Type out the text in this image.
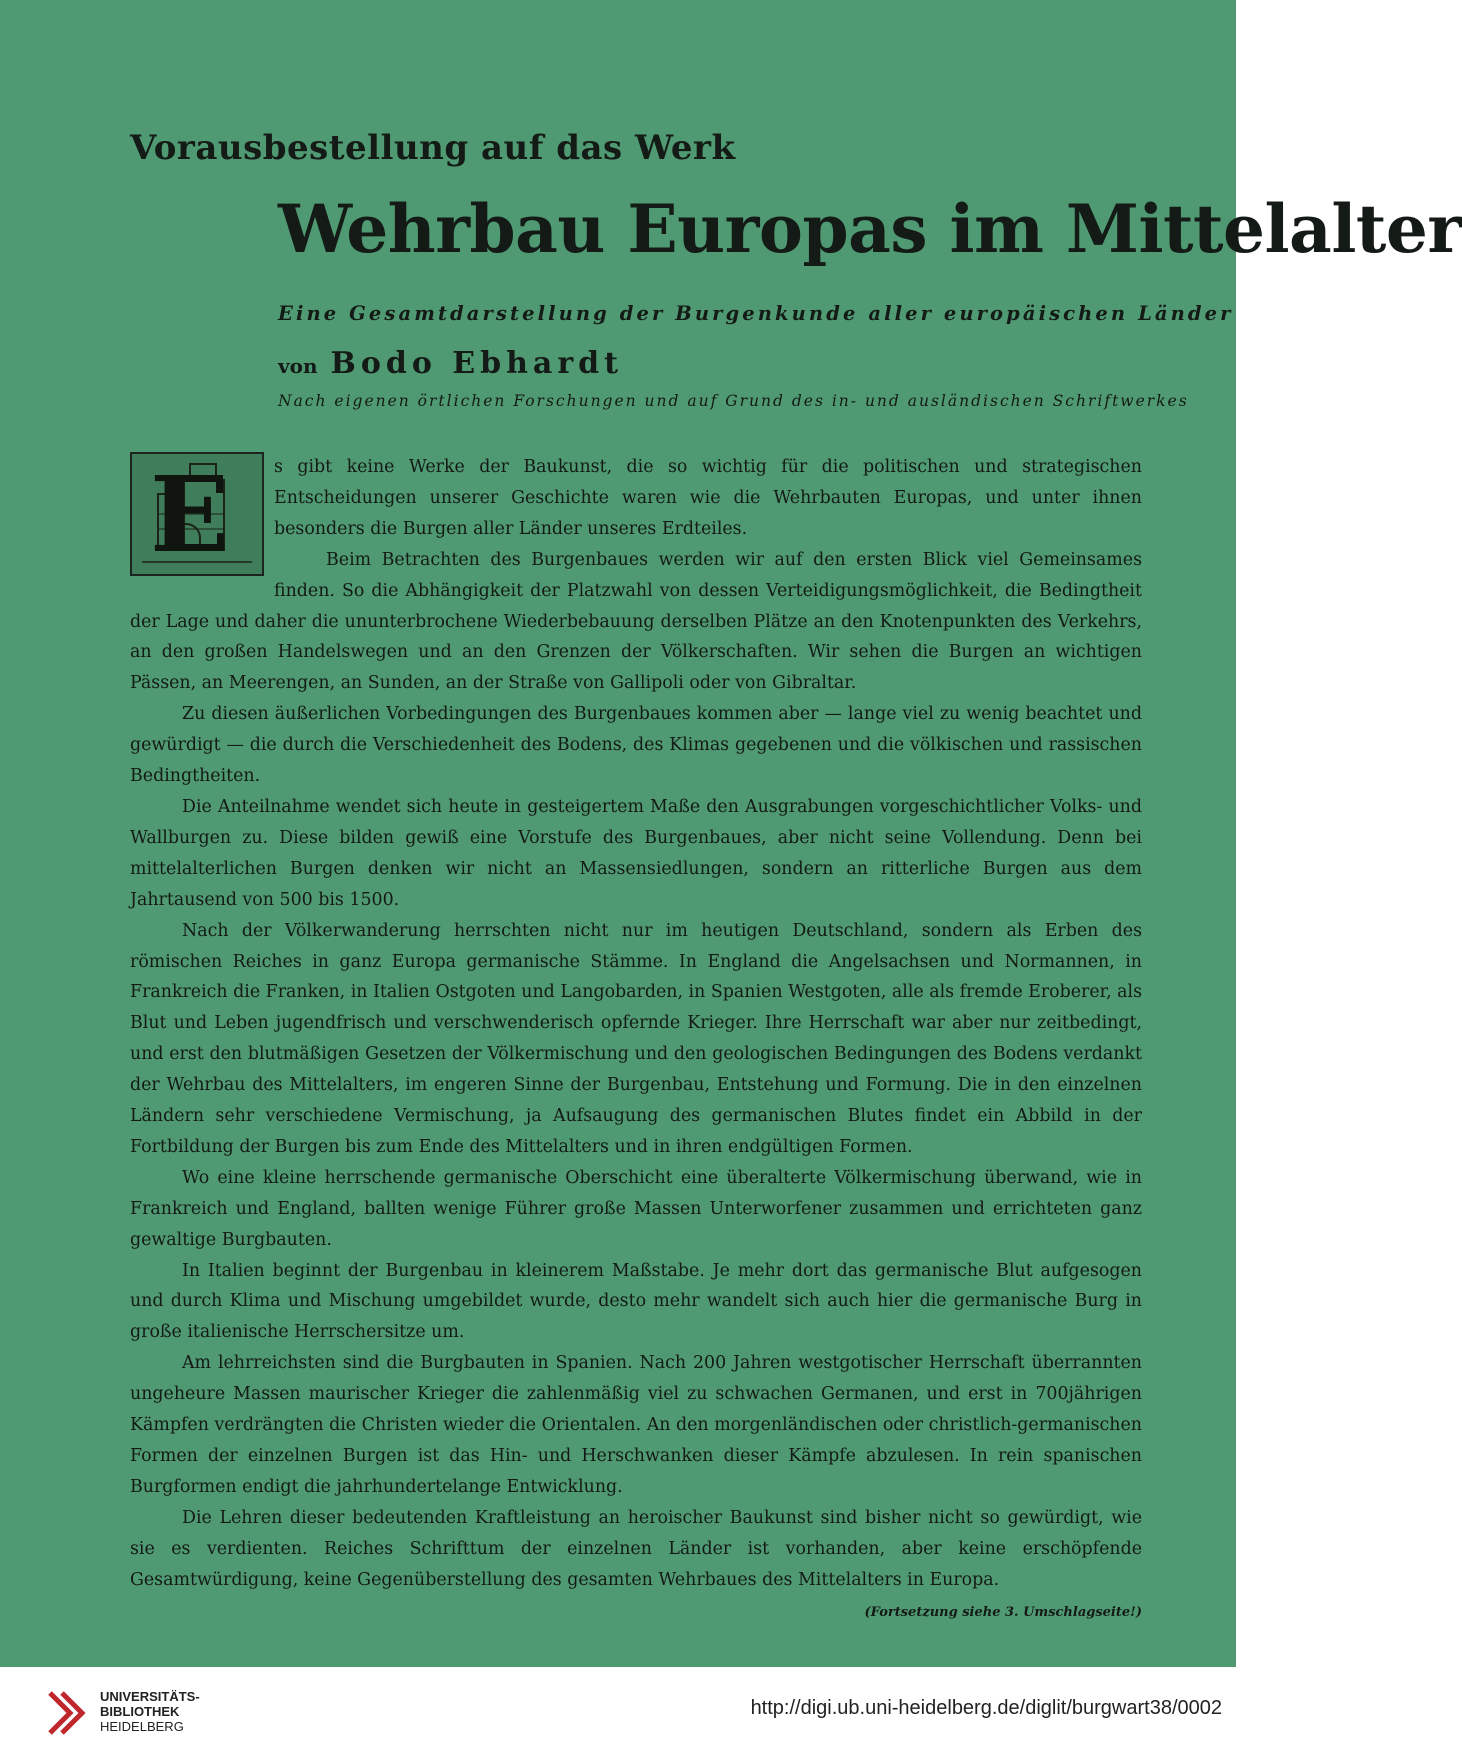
Vorausbestellung auf das Werk
Wehrbau Europas im Mittelalter
Eine Gesamtdarstellung der Burgenkunde aller europäischen Länder
von Bodo Ebhardt
Nach eigenen örtlichen Forschungen und auf Grund des in- und ausländischen Schriftwerkes
E	s gibt keine Werke der Baukunst, die so wichtig für die politischen und strategischen Entscheidungen unserer Geschichte waren wie die Wehrbauten Europas, und unter ihnen besonders die Burgen aller Länder unseres Erdteiles.

Beim Betrachten des Burgenbaues werden wir auf den ersten Blick viel Gemeinsames finden. So die Abhängigkeit der Platzwahl von dessen Verteidigungsmöglichkeit, die Bedingtheit der Lage und daher die ununterbrochene Wiederbebauung derselben Plätze an den Knotenpunkten des Verkehrs, an den großen Handelswegen und an den Grenzen der Völkerschaften. Wir sehen die Burgen an wichtigen Pässen, an Meerengen, an Sunden, an der Straße von Gallipoli oder von Gibraltar.

Zu diesen äußerlichen Vorbedingungen des Burgenbaues kommen aber — lange viel zu wenig beachtet und gewürdigt — die durch die Verschiedenheit des Bodens, des Klimas gegebenen und die völkischen und rassischen Bedingtheiten.

Die Anteilnahme wendet sich heute in gesteigertem Maße den Ausgrabungen vorgeschichtlicher Volks- und Wallburgen zu. Diese bilden gewiß eine Vorstufe des Burgenbaues, aber nicht seine Vollendung. Denn bei mittelalterlichen Burgen denken wir nicht an Massensiedlungen, sondern an ritterliche Burgen aus dem Jahrtausend von 500 bis 1500.

Nach der Völkerwanderung herrschten nicht nur im heutigen Deutschland, sondern als Erben des römischen Reiches in ganz Europa germanische Stämme. In England die Angelsachsen und Normannen, in Frankreich die Franken, in Italien Ostgoten und Langobarden, in Spanien Westgoten, alle als fremde Eroberer, als Blut und Leben jugendfrisch und verschwenderisch opfernde Krieger. Ihre Herrschaft war aber nur zeitbedingt, und erst den blutmäßigen Gesetzen der Völkermischung und den geologischen Bedingungen des Bodens verdankt der Wehrbau des Mittelalters, im engeren Sinne der Burgenbau, Entstehung und Formung. Die in den einzelnen Ländern sehr verschiedene Vermischung, ja Aufsaugung des germanischen Blutes findet ein Abbild in der Fortbildung der Burgen bis zum Ende des Mittelalters und in ihren endgültigen Formen.

Wo eine kleine herrschende germanische Oberschicht eine überalterte Völkermischung überwand, wie in Frankreich und England, ballten wenige Führer große Massen Unterworfener zusammen und errichteten ganz gewaltige Burgbauten.

In Italien beginnt der Burgenbau in kleinerem Maßstabe. Je mehr dort das germanische Blut aufgesogen und durch Klima und Mischung umgebildet wurde, desto mehr wandelt sich auch hier die germanische Burg in große italienische Herrschersitze um.

Am lehrreichsten sind die Burgbauten in Spanien. Nach 200 Jahren westgotischer Herrschaft überrannten ungeheure Massen maurischer Krieger die zahlenmäßig viel zu schwachen Germanen, und erst in 700jährigen Kämpfen verdrängten die Christen wieder die Orientalen. An den morgenländischen oder christlich-germanischen Formen der einzelnen Burgen ist das Hin- und Herschwanken dieser Kämpfe abzulesen. In rein spanischen Burgformen endigt die jahrhundertelange Entwicklung.

Die Lehren dieser bedeutenden Kraftleistung an heroischer Baukunst sind bisher nicht so gewürdigt, wie sie es verdienten. Reiches Schrifttum der einzelnen Länder ist vorhanden, aber keine erschöpfende Gesamtwürdigung, keine Gegenüberstellung des gesamten Wehrbaues des Mittelalters in Europa.
(Fortsetzung siehe 3. Umschlagseite!)

UNIVERSITÄTS-
BIBLIOTHEK
HEIDELBERG
http://digi.ub.uni-heidelberg.de/diglit/burgwart38/0002
